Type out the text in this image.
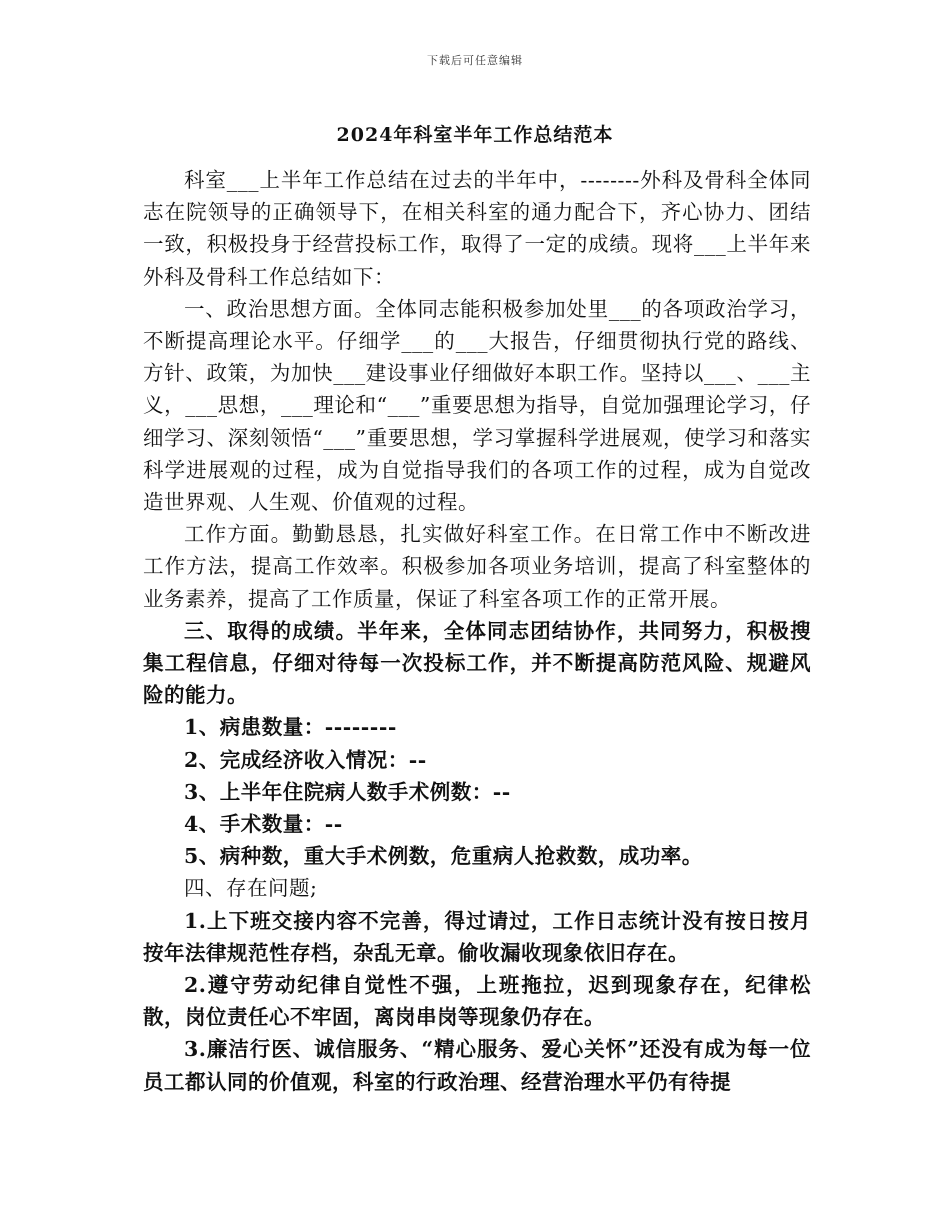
下载后可任意编辑
2024年科室半年工作总结范本

科室___上半年工作总结在过去的半年中，--------外科及骨科全体同志在院领导的正确领导下，在相关科室的通力配合下，齐心协力、团结一致，积极投身于经营投标工作，取得了一定的成绩。现将___上半年来外科及骨科工作总结如下：

一、政治思想方面。全体同志能积极参加处里___的各项政治学习，不断提高理论水平。仔细学___的___大报告，仔细贯彻执行党的路线、方针、政策，为加快___建设事业仔细做好本职工作。坚持以___、___主义，___思想，___理论和“___”重要思想为指导，自觉加强理论学习，仔细学习、深刻领悟“___”重要思想，学习掌握科学进展观，使学习和落实科学进展观的过程，成为自觉指导我们的各项工作的过程，成为自觉改造世界观、人生观、价值观的过程。

工作方面。勤勤恳恳，扎实做好科室工作。在日常工作中不断改进工作方法，提高工作效率。积极参加各项业务培训，提高了科室整体的业务素养，提高了工作质量，保证了科室各项工作的正常开展。

三、取得的成绩。半年来，全体同志团结协作，共同努力，积极搜集工程信息，仔细对待每一次投标工作，并不断提高防范风险、规避风险的能力。

1、病患数量：--------

2、完成经济收入情况：--

3、上半年住院病人数手术例数：--

4、手术数量：--

5、病种数，重大手术例数，危重病人抢救数，成功率。

四、存在问题;

1.上下班交接内容不完善，得过请过，工作日志统计没有按日按月按年法律规范性存档，杂乱无章。偷收漏收现象依旧存在。

2.遵守劳动纪律自觉性不强，上班拖拉，迟到现象存在，纪律松散，岗位责任心不牢固，离岗串岗等现象仍存在。

3.廉洁行医、诚信服务、“精心服务、爱心关怀”还没有成为每一位员工都认同的价值观，科室的行政治理、经营治理水平仍有待提
